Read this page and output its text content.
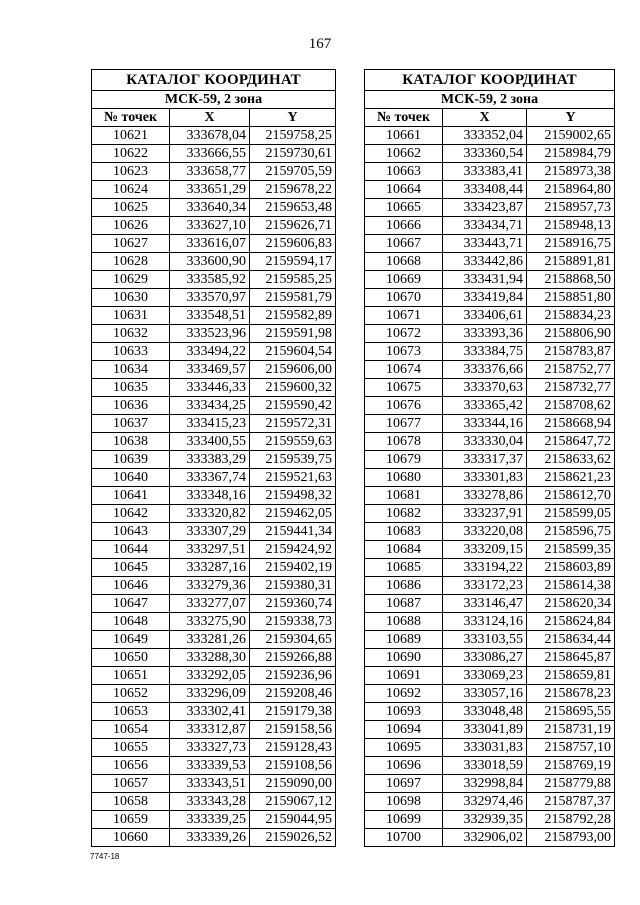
167
КАТАЛОГ КООРДИНАТ		
МСК-59, 2 зона		
№ точек	X	Y
10621	333678,04	2159758,25
10622	333666,55	2159730,61
10623	333658,77	2159705,59
10624	333651,29	2159678,22
10625	333640,34	2159653,48
10626	333627,10	2159626,71
10627	333616,07	2159606,83
10628	333600,90	2159594,17
10629	333585,92	2159585,25
10630	333570,97	2159581,79
10631	333548,51	2159582,89
10632	333523,96	2159591,98
10633	333494,22	2159604,54
10634	333469,57	2159606,00
10635	333446,33	2159600,32
10636	333434,25	2159590,42
10637	333415,23	2159572,31
10638	333400,55	2159559,63
10639	333383,29	2159539,75
10640	333367,74	2159521,63
10641	333348,16	2159498,32
10642	333320,82	2159462,05
10643	333307,29	2159441,34
10644	333297,51	2159424,92
10645	333287,16	2159402,19
10646	333279,36	2159380,31
10647	333277,07	2159360,74
10648	333275,90	2159338,73
10649	333281,26	2159304,65
10650	333288,30	2159266,88
10651	333292,05	2159236,96
10652	333296,09	2159208,46
10653	333302,41	2159179,38
10654	333312,87	2159158,56
10655	333327,73	2159128,43
10656	333339,53	2159108,56
10657	333343,51	2159090,00
10658	333343,28	2159067,12
10659	333339,25	2159044,95
10660	333339,26	2159026,52
КАТАЛОГ КООРДИНАТ		
МСК-59, 2 зона		
№ точек	X	Y
10661	333352,04	2159002,65
10662	333360,54	2158984,79
10663	333383,41	2158973,38
10664	333408,44	2158964,80
10665	333423,87	2158957,73
10666	333434,71	2158948,13
10667	333443,71	2158916,75
10668	333442,86	2158891,81
10669	333431,94	2158868,50
10670	333419,84	2158851,80
10671	333406,61	2158834,23
10672	333393,36	2158806,90
10673	333384,75	2158783,87
10674	333376,66	2158752,77
10675	333370,63	2158732,77
10676	333365,42	2158708,62
10677	333344,16	2158668,94
10678	333330,04	2158647,72
10679	333317,37	2158633,62
10680	333301,83	2158621,23
10681	333278,86	2158612,70
10682	333237,91	2158599,05
10683	333220,08	2158596,75
10684	333209,15	2158599,35
10685	333194,22	2158603,89
10686	333172,23	2158614,38
10687	333146,47	2158620,34
10688	333124,16	2158624,84
10689	333103,55	2158634,44
10690	333086,27	2158645,87
10691	333069,23	2158659,81
10692	333057,16	2158678,23
10693	333048,48	2158695,55
10694	333041,89	2158731,19
10695	333031,83	2158757,10
10696	333018,59	2158769,19
10697	332998,84	2158779,88
10698	332974,46	2158787,37
10699	332939,35	2158792,28
10700	332906,02	2158793,00
7747-18
